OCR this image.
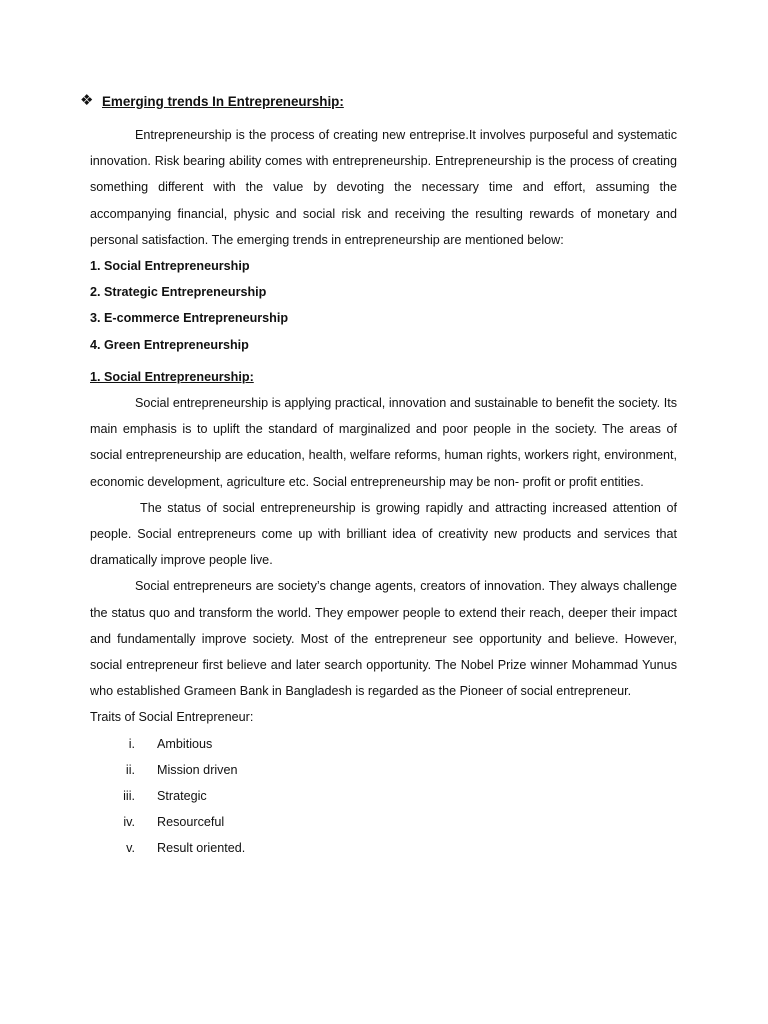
❖ Emerging trends In Entrepreneurship:

Entrepreneurship is the process of creating new entreprise.It involves purposeful and systematic innovation. Risk bearing ability comes with entrepreneurship. Entrepreneurship is the process of creating something different with the value by devoting the necessary time and effort, assuming the accompanying financial, physic and social risk and receiving the resulting rewards of monetary and personal satisfaction. The emerging trends in entrepreneurship are mentioned below:

1. Social Entrepreneurship
2. Strategic Entrepreneurship
3. E-commerce Entrepreneurship
4. Green Entrepreneurship
1. Social Entrepreneurship:

Social entrepreneurship is applying practical, innovation and sustainable to benefit the society. Its main emphasis is to uplift the standard of marginalized and poor people in the society. The areas of social entrepreneurship are education, health, welfare reforms, human rights, workers right, environment, economic development, agriculture etc. Social entrepreneurship may be non- profit or profit entities.

The status of social entrepreneurship is growing rapidly and attracting increased attention of people. Social entrepreneurs come up with brilliant idea of creativity new products and services that dramatically improve people live.

Social entrepreneurs are society’s change agents, creators of innovation. They always challenge the status quo and transform the world. They empower people to extend their reach, deeper their impact and fundamentally improve society. Most of the entrepreneur see opportunity and believe. However, social entrepreneur first believe and later search opportunity. The Nobel Prize winner Mohammad Yunus who established Grameen Bank in Bangladesh is regarded as the Pioneer of social entrepreneur.

Traits of Social Entrepreneur:
i. Ambitious
ii. Mission driven
iii. Strategic
iv. Resourceful
v. Result oriented.
